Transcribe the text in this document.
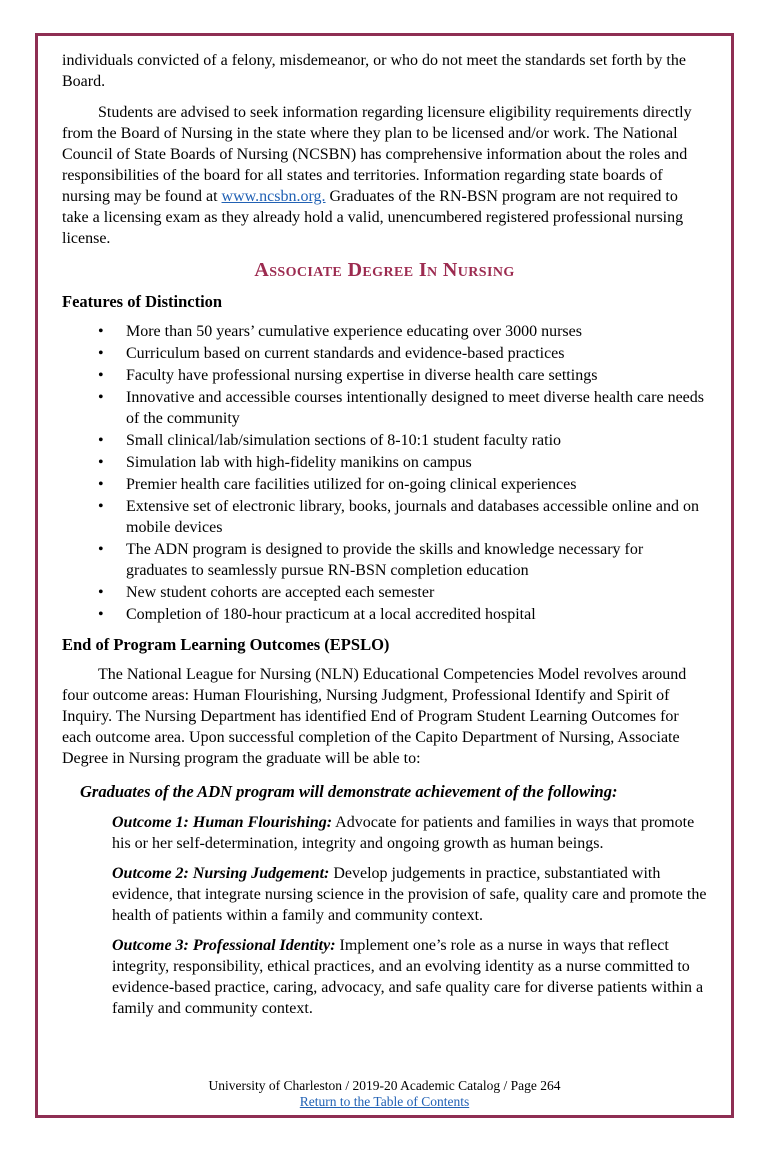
individuals convicted of a felony, misdemeanor, or who do not meet the standards set forth by the Board.

Students are advised to seek information regarding licensure eligibility requirements directly from the Board of Nursing in the state where they plan to be licensed and/or work. The National Council of State Boards of Nursing (NCSBN) has comprehensive information about the roles and responsibilities of the board for all states and territories. Information regarding state boards of nursing may be found at www.ncsbn.org. Graduates of the RN-BSN program are not required to take a licensing exam as they already hold a valid, unencumbered registered professional nursing license.

Associate Degree In Nursing
Features of Distinction
• More than 50 years’ cumulative experience educating over 3000 nurses
• Curriculum based on current standards and evidence-based practices
• Faculty have professional nursing expertise in diverse health care settings
• Innovative and accessible courses intentionally designed to meet diverse health care needs of the community
• Small clinical/lab/simulation sections of 8-10:1 student faculty ratio
• Simulation lab with high-fidelity manikins on campus
• Premier health care facilities utilized for on-going clinical experiences
• Extensive set of electronic library, books, journals and databases accessible online and on mobile devices
• The ADN program is designed to provide the skills and knowledge necessary for graduates to seamlessly pursue RN-BSN completion education
• New student cohorts are accepted each semester
• Completion of 180-hour practicum at a local accredited hospital
End of Program Learning Outcomes (EPSLO)

The National League for Nursing (NLN) Educational Competencies Model revolves around four outcome areas: Human Flourishing, Nursing Judgment, Professional Identify and Spirit of Inquiry. The Nursing Department has identified End of Program Student Learning Outcomes for each outcome area. Upon successful completion of the Capito Department of Nursing, Associate Degree in Nursing program the graduate will be able to:

Graduates of the ADN program will demonstrate achievement of the following:

Outcome 1: Human Flourishing: Advocate for patients and families in ways that promote his or her self-determination, integrity and ongoing growth as human beings.

Outcome 2: Nursing Judgement: Develop judgements in practice, substantiated with evidence, that integrate nursing science in the provision of safe, quality care and promote the health of patients within a family and community context.

Outcome 3: Professional Identity: Implement one’s role as a nurse in ways that reflect integrity, responsibility, ethical practices, and an evolving identity as a nurse committed to evidence-based practice, caring, advocacy, and safe quality care for diverse patients within a family and community context.

University of Charleston / 2019-20 Academic Catalog / Page 264
Return to the Table of Contents
